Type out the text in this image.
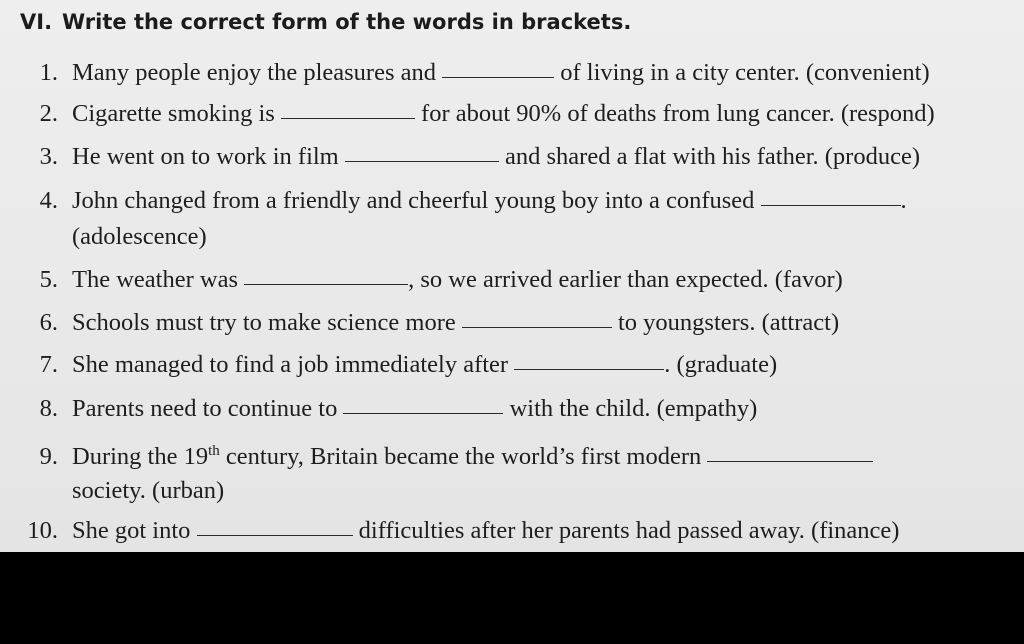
VI. Write the correct form of the words in brackets.
1. Many people enjoy the pleasures and	of living in a city center. (convenient)
2. Cigarette smoking is	for about 90% of deaths from lung cancer. (respond)
3. He went on to work in film	and shared a flat with his father. (produce)
4. John changed from a friendly and cheerful young boy into a confused	.
(adolescence)
5. The weather was	, so we arrived earlier than expected. (favor)
6. Schools must try to make science more	to youngsters. (attract)
7. She managed to find a job immediately after	. (graduate)
8. Parents need to continue to	with the child. (empathy)
9. During the 19th century, Britain became the world’s first modern
society. (urban)
10. She got into	difficulties after her parents had passed away. (finance)
